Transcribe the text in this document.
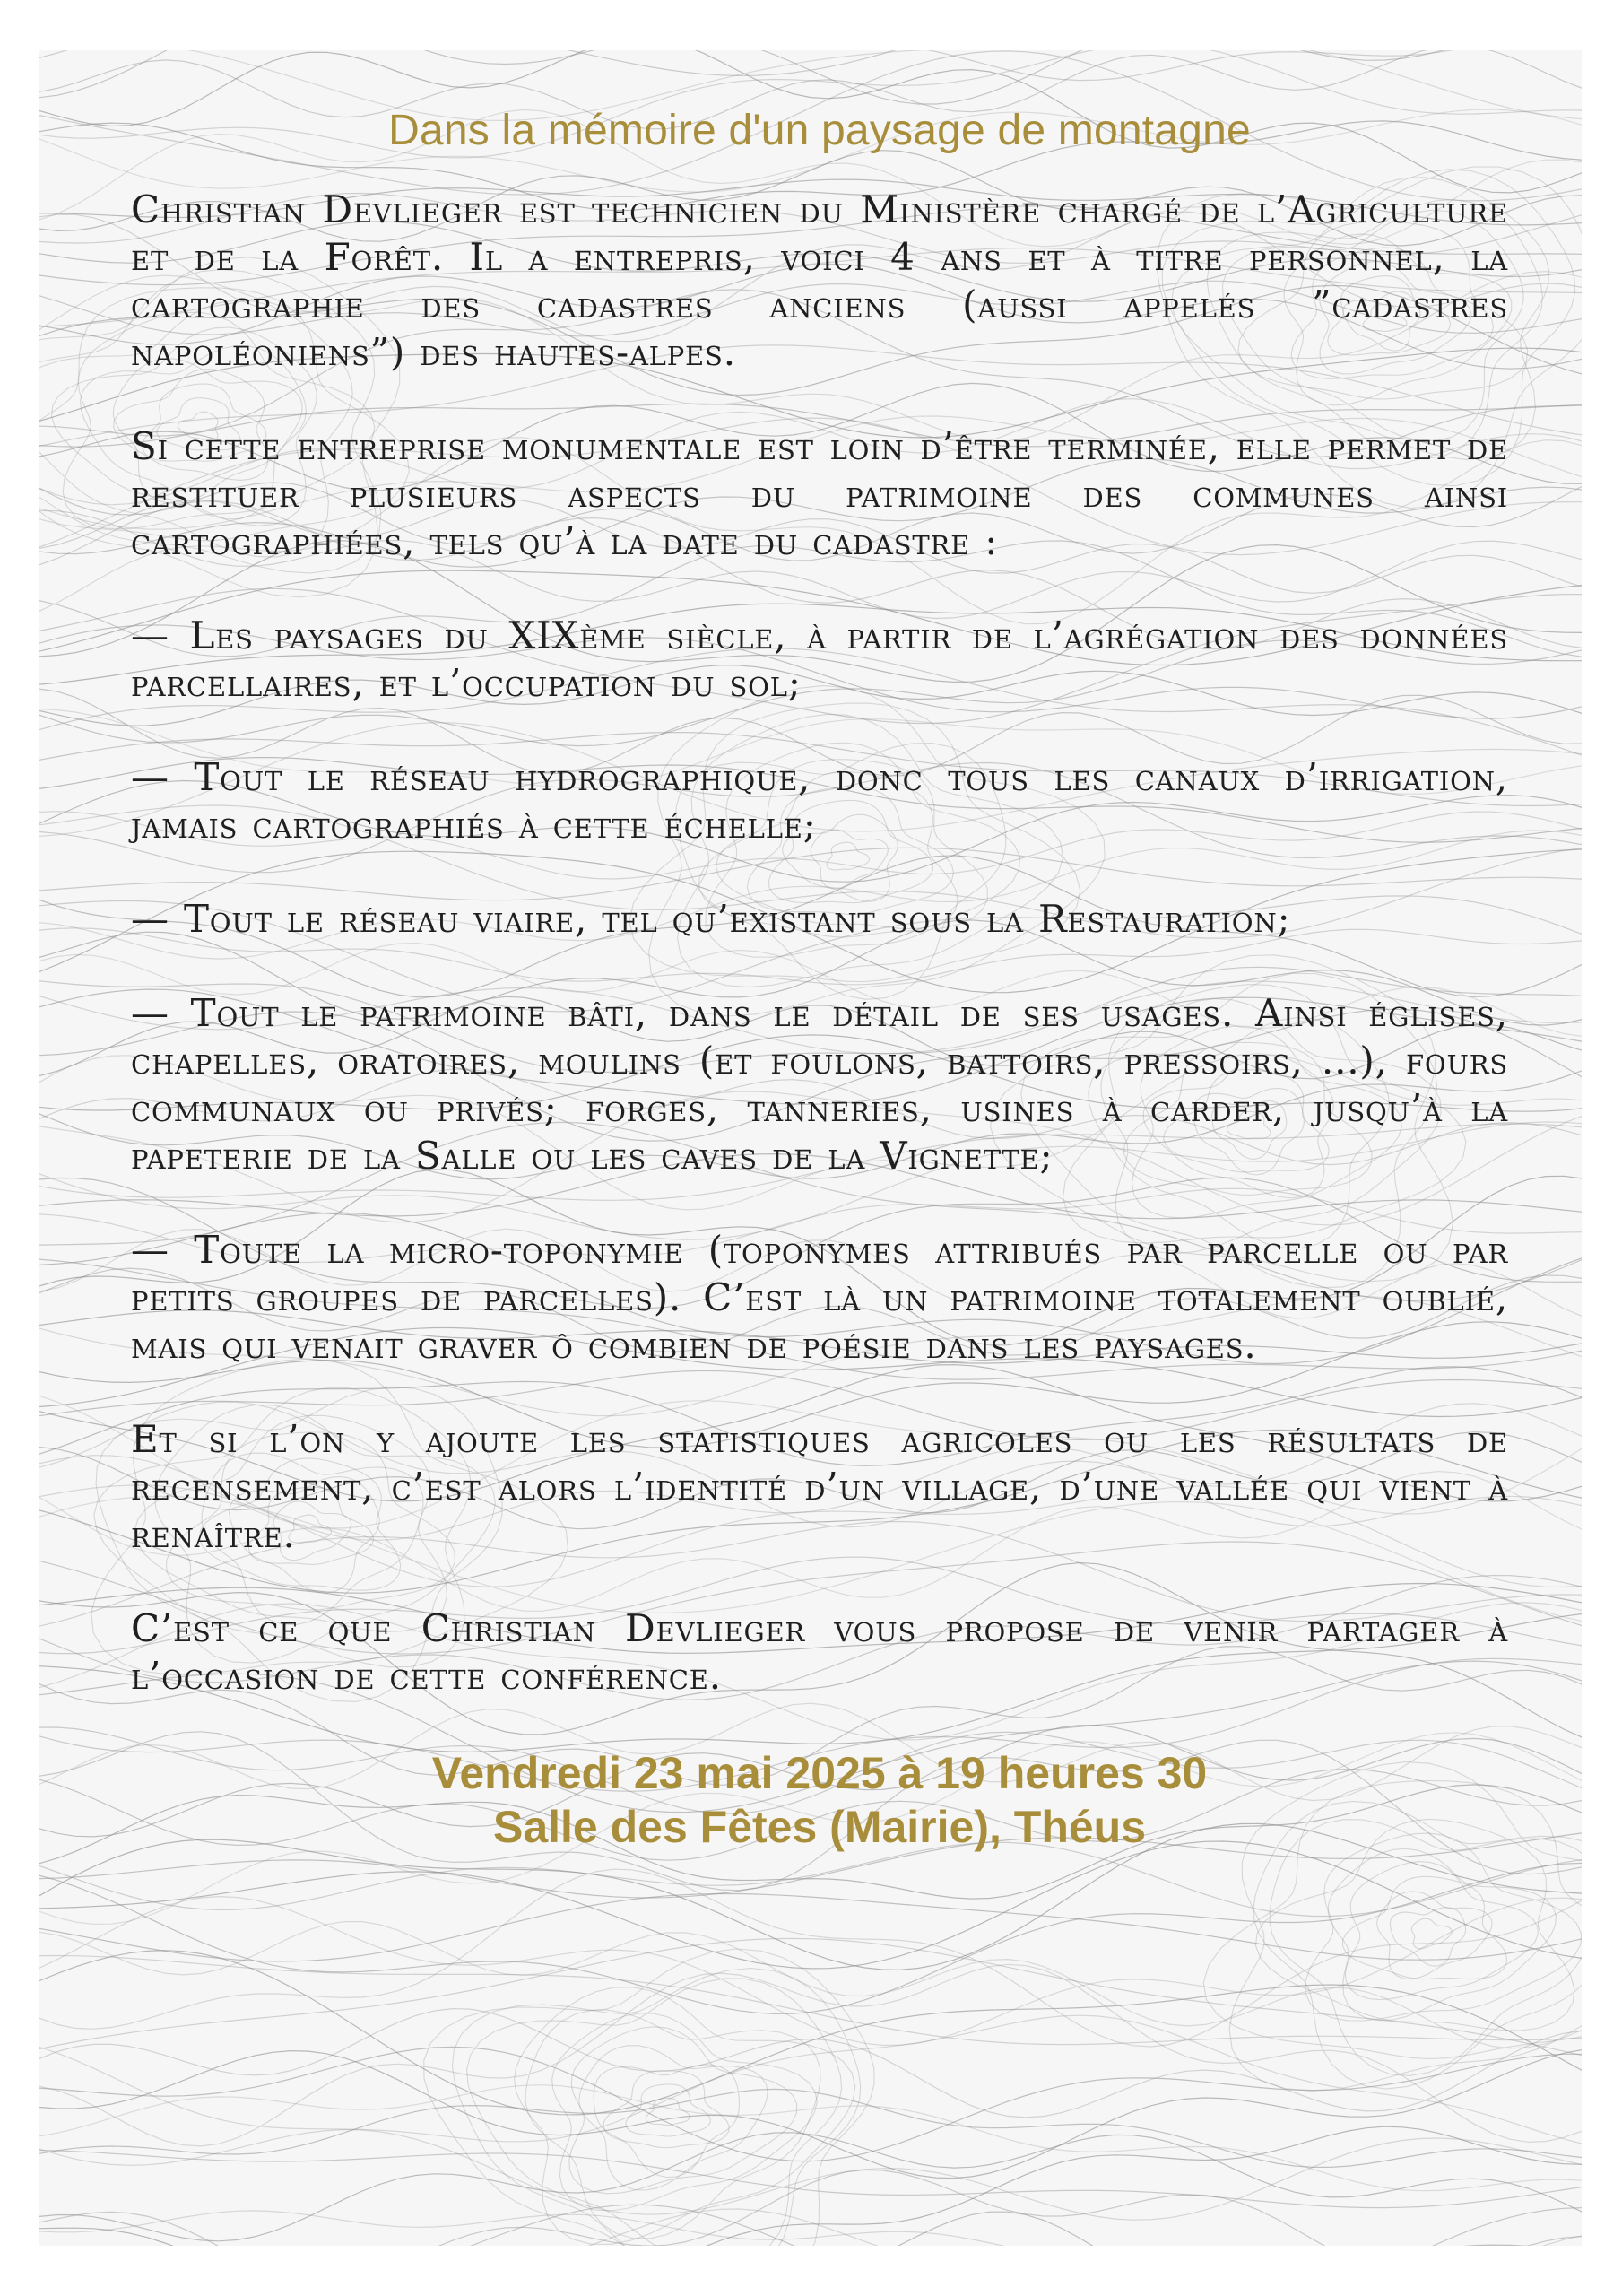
Dans la mémoire d'un paysage de montagne

Christian Devlieger est technicien du Ministère chargé de l’Agriculture et de la Forêt. Il a entrepris, voici 4 ans et à titre personnel, la cartographie des cadastres anciens (aussi appelés ”cadastres napoléoniens”) des hautes-alpes.

Si cette entreprise monumentale est loin d’être terminée, elle permet de restituer plusieurs aspects du patrimoine des communes ainsi cartographiées, tels qu’à la date du cadastre :

— Les paysages du XIXème siècle, à partir de l’agrégation des données parcellaires, et l’occupation du sol;

— Tout le réseau hydrographique, donc tous les canaux d’irrigation, jamais cartographiés à cette échelle;

— Tout le réseau viaire, tel qu’existant sous la Restauration;

— Tout le patrimoine bâti, dans le détail de ses usages. Ainsi églises, chapelles, oratoires, moulins (et foulons, battoirs, pressoirs, ...), fours communaux ou privés; forges, tanneries, usines à carder, jusqu’à la papeterie de la Salle ou les caves de la Vignette;

— Toute la micro-toponymie (toponymes attribués par parcelle ou par petits groupes de parcelles). C’est là un patrimoine totalement oublié, mais qui venait graver ô combien de poésie dans les paysages.

Et si l’on y ajoute les statistiques agricoles ou les résultats de recensement, c’est alors l’identité d’un village, d’une vallée qui vient à renaître.

C’est ce que Christian Devlieger vous propose de venir partager à l’occasion de cette conférence.

Vendredi 23 mai 2025 à 19 heures 30
Salle des Fêtes (Mairie), Théus
